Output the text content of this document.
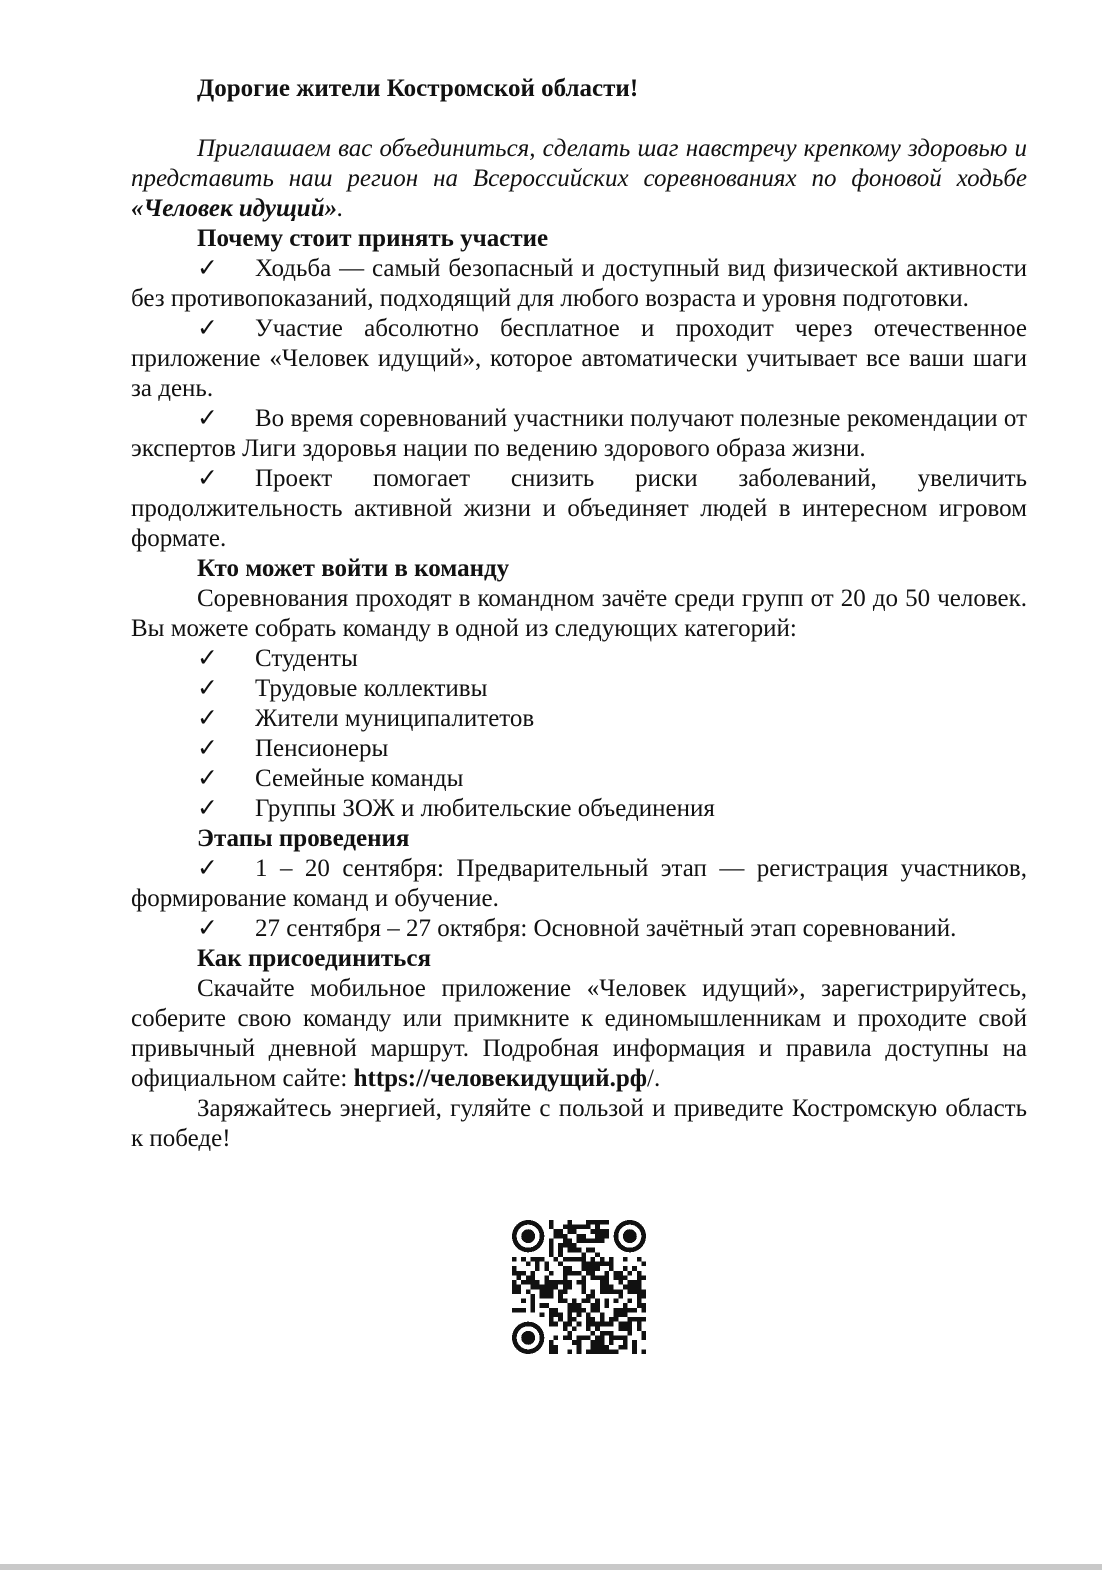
Дорогие жители Костромской области!

Приглашаем вас объединиться, сделать шаг навстречу крепкому здоровью и представить наш регион на Всероссийских соревнованиях по фоновой ходьбе «Человек идущий».

Почему стоит принять участие

✓ Ходьба — самый безопасный и доступный вид физической активности без противопоказаний, подходящий для любого возраста и уровня подготовки.

✓ Участие абсолютно бесплатное и проходит через отечественное приложение «Человек идущий», которое автоматически учитывает все ваши шаги за день.

✓ Во время соревнований участники получают полезные рекомендации от экспертов Лиги здоровья нации по ведению здорового образа жизни.

✓ Проект помогает снизить риски заболеваний, увеличить продолжительность активной жизни и объединяет людей в интересном игровом формате.

Кто может войти в команду

Соревнования проходят в командном зачёте среди групп от 20 до 50 человек. Вы можете собрать команду в одной из следующих категорий:

✓ Студенты

✓ Трудовые коллективы

✓ Жители муниципалитетов

✓ Пенсионеры

✓ Семейные команды

✓ Группы ЗОЖ и любительские объединения

Этапы проведения

✓ 1 – 20 сентября: Предварительный этап — регистрация участников, формирование команд и обучение.

✓ 27 сентября – 27 октября: Основной зачётный этап соревнований.

Как присоединиться

Скачайте мобильное приложение «Человек идущий», зарегистрируйтесь, соберите свою команду или примкните к единомышленникам и проходите свой привычный дневной маршрут. Подробная информация и правила доступны на официальном сайте: https://человекидущий.рф/.

Заряжайтесь энергией, гуляйте с пользой и приведите Костромскую область к победе!
